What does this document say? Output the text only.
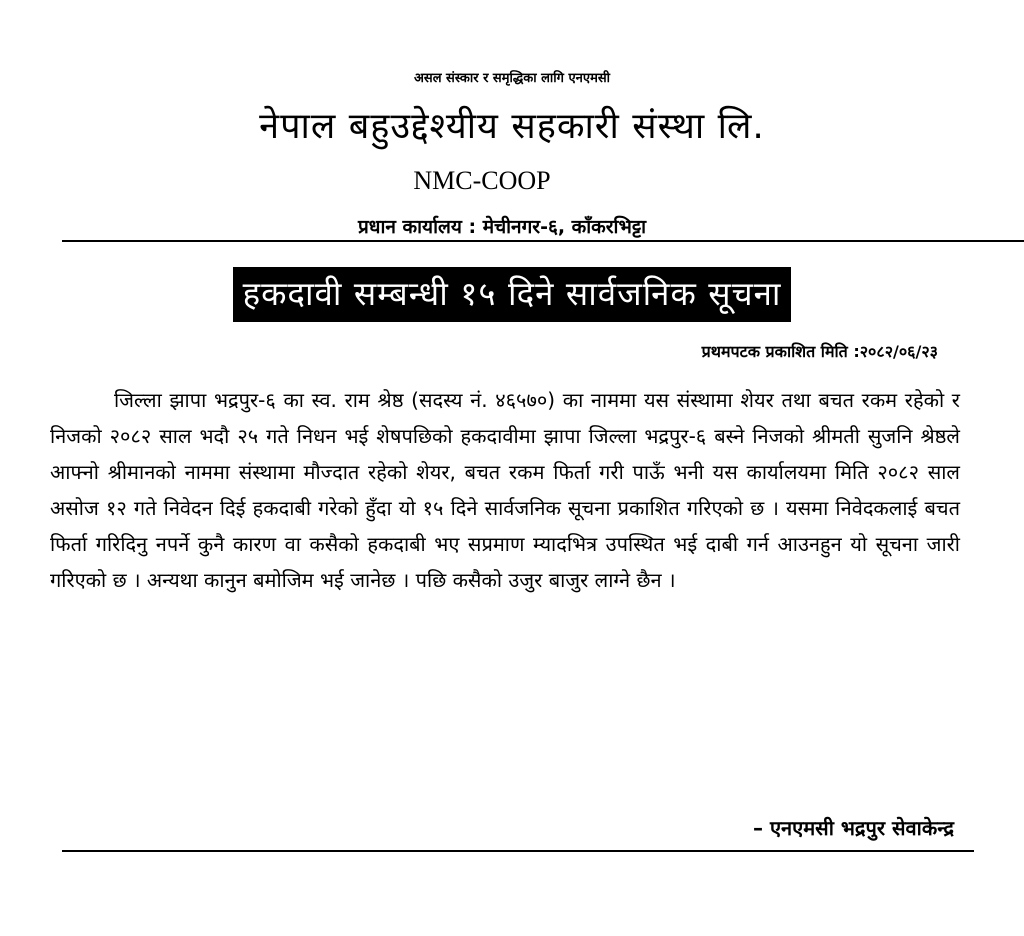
असल संस्कार र समृद्धिका लागि एनएमसी
नेपाल बहुउद्देश्यीय सहकारी संस्था लि.
NMC-COOP
प्रधान कार्यालय : मेचीनगर-६, काँकरभिट्टा
हकदावी सम्बन्धी १५ दिने सार्वजनिक सूचना
प्रथमपटक प्रकाशित मिति :२०८२/०६/२३

जिल्ला झापा भद्रपुर-६ का स्व. राम श्रेष्ठ (सदस्य नं. ४६५७०) का नाममा यस संस्थामा शेयर तथा बचत रकम रहेको र निजको २०८२ साल भदौ २५ गते निधन भई शेषपछिको हकदावीमा झापा जिल्ला भद्रपुर-६ बस्ने निजको श्रीमती सुजनि श्रेष्ठले आफ्नो श्रीमानको नाममा संस्थामा मौज्दात रहेको शेयर, बचत रकम फिर्ता गरी पाऊँ भनी यस कार्यालयमा मिति २०८२ साल असोज १२ गते निवेदन दिई हकदाबी गरेको हुँदा यो १५ दिने सार्वजनिक सूचना प्रकाशित गरिएको छ । यसमा निवेदकलाई बचत फिर्ता गरिदिनु नपर्ने कुनै कारण वा कसैको हकदाबी भए सप्रमाण म्यादभित्र उपस्थित भई दाबी गर्न आउनहुन यो सूचना जारी गरिएको छ । अन्यथा कानुन बमोजिम भई जानेछ । पछि कसैको उजुर बाजुर लाग्ने छैन ।

– एनएमसी भद्रपुर सेवाकेन्द्र
